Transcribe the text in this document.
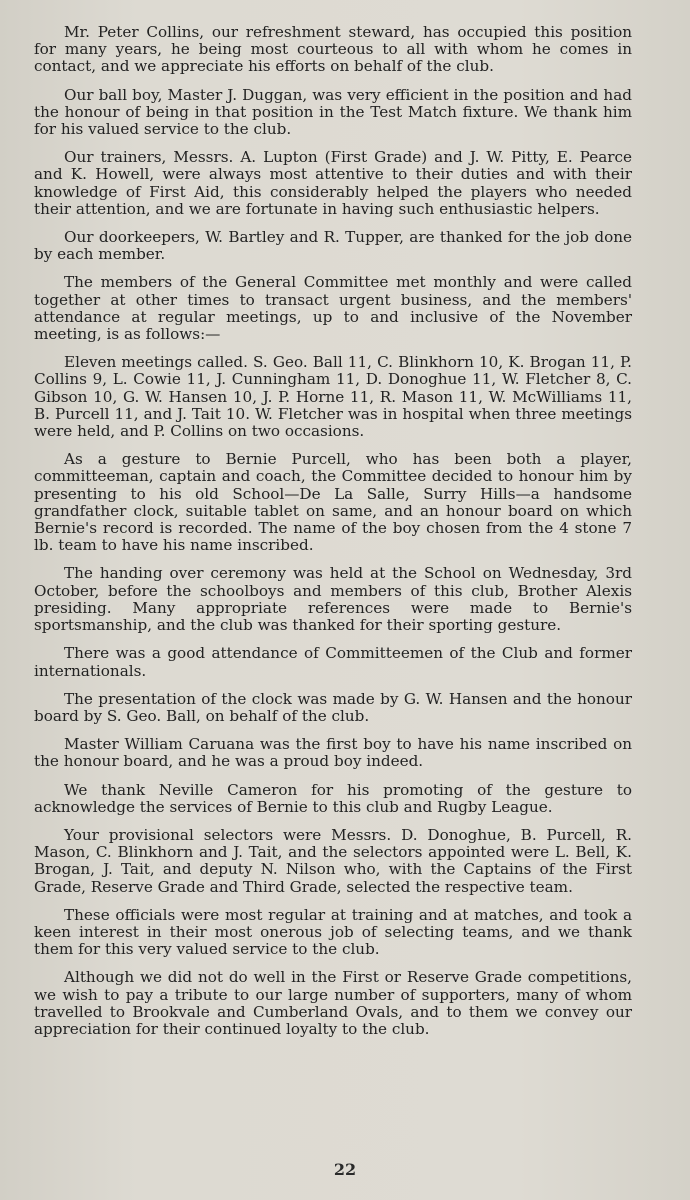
Mr. Peter Collins, our refreshment steward, has occupied this position for many years, he being most courteous to all with whom he comes in contact, and we appreciate his efforts on behalf of the club.

Our ball boy, Master J. Duggan, was very efficient in the position and had the honour of being in that position in the Test Match fixture. We thank him for his valued service to the club.

Our trainers, Messrs. A. Lupton (First Grade) and J. W. Pitty, E. Pearce and K. Howell, were always most attentive to their duties and with their knowledge of First Aid, this considerably helped the players who needed their attention, and we are fortunate in having such enthusiastic helpers.

Our doorkeepers, W. Bartley and R. Tupper, are thanked for the job done by each member.

The members of the General Committee met monthly and were called together at other times to transact urgent business, and the members' attendance at regular meetings, up to and inclusive of the November meeting, is as follows:—

Eleven meetings called. S. Geo. Ball 11, C. Blinkhorn 10, K. Brogan 11, P. Collins 9, L. Cowie 11, J. Cunningham 11, D. Donoghue 11, W. Fletcher 8, C. Gibson 10, G. W. Hansen 10, J. P. Horne 11, R. Mason 11, W. McWilliams 11, B. Purcell 11, and J. Tait 10. W. Fletcher was in hospital when three meetings were held, and P. Collins on two occasions.

As a gesture to Bernie Purcell, who has been both a player, committeeman, captain and coach, the Committee decided to honour him by presenting to his old School—De La Salle, Surry Hills—a handsome grandfather clock, suitable tablet on same, and an honour board on which Bernie's record is recorded. The name of the boy chosen from the 4 stone 7 lb. team to have his name inscribed.

The handing over ceremony was held at the School on Wednesday, 3rd October, before the schoolboys and members of this club, Brother Alexis presiding. Many appropriate references were made to Bernie's sportsmanship, and the club was thanked for their sporting gesture.

There was a good attendance of Committeemen of the Club and former internationals.

The presentation of the clock was made by G. W. Hansen and the honour board by S. Geo. Ball, on behalf of the club.

Master William Caruana was the first boy to have his name inscribed on the honour board, and he was a proud boy indeed.

We thank Neville Cameron for his promoting of the gesture to acknowledge the services of Bernie to this club and Rugby League.

Your provisional selectors were Messrs. D. Donoghue, B. Purcell, R. Mason, C. Blinkhorn and J. Tait, and the selectors appointed were L. Bell, K. Brogan, J. Tait, and deputy N. Nilson who, with the Captains of the First Grade, Reserve Grade and Third Grade, selected the respective team.

These officials were most regular at training and at matches, and took a keen interest in their most onerous job of selecting teams, and we thank them for this very valued service to the club.

Although we did not do well in the First or Reserve Grade competitions, we wish to pay a tribute to our large number of supporters, many of whom travelled to Brookvale and Cumberland Ovals, and to them we convey our appreciation for their continued loyalty to the club.

22
